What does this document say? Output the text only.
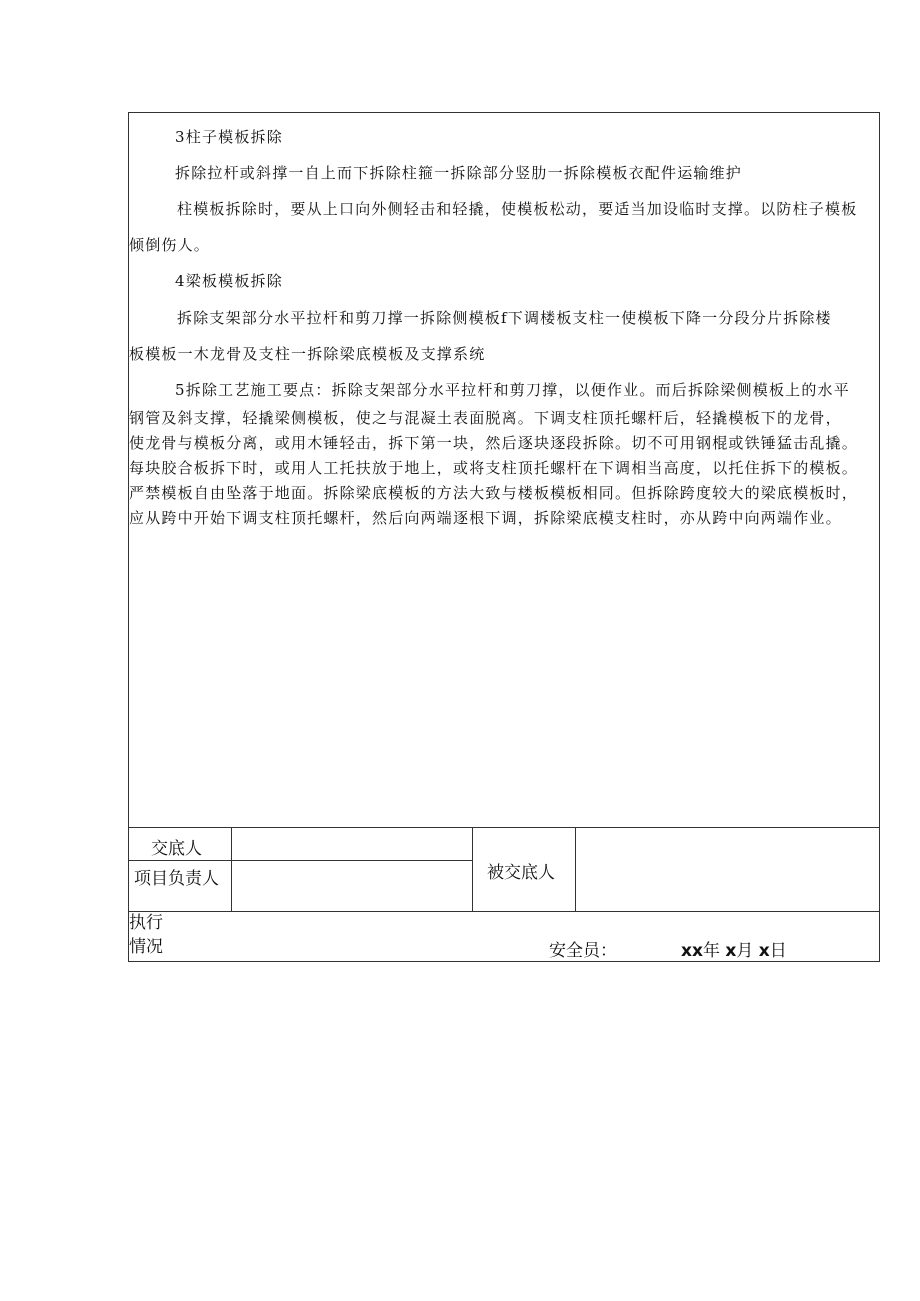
3柱子模板拆除
拆除拉杆或斜撑一自上而下拆除柱箍一拆除部分竖肋一拆除模板衣配件运输维护
柱模板拆除时，要从上口向外侧轻击和轻撬，使模板松动，要适当加设临时支撑。以防柱子模板
倾倒伤人。
4梁板模板拆除
拆除支架部分水平拉杆和剪刀撑一拆除侧模板f下调楼板支柱一使模板下降一分段分片拆除楼
板模板一木龙骨及支柱一拆除梁底模板及支撑系统
5拆除工艺施工要点：拆除支架部分水平拉杆和剪刀撑，以便作业。而后拆除梁侧模板上的水平
钢管及斜支撑，轻撬梁侧模板，使之与混凝土表面脱离。下调支柱顶托螺杆后，轻撬模板下的龙骨，
使龙骨与模板分离，或用木锤轻击，拆下第一块，然后逐块逐段拆除。切不可用钢棍或铁锤猛击乱撬。
每块胶合板拆下时，或用人工托扶放于地上，或将支柱顶托螺杆在下调相当高度，以托住拆下的模板。
严禁模板自由坠落于地面。拆除梁底模板的方法大致与楼板模板相同。但拆除跨度较大的梁底模板时，
应从跨中开始下调支柱顶托螺杆，然后向两端逐根下调，拆除梁底模支柱时，亦从跨中向两端作业。
交底人
项目负责人	被交底人
执行
情况	安全员：	xx年 x月 x日
